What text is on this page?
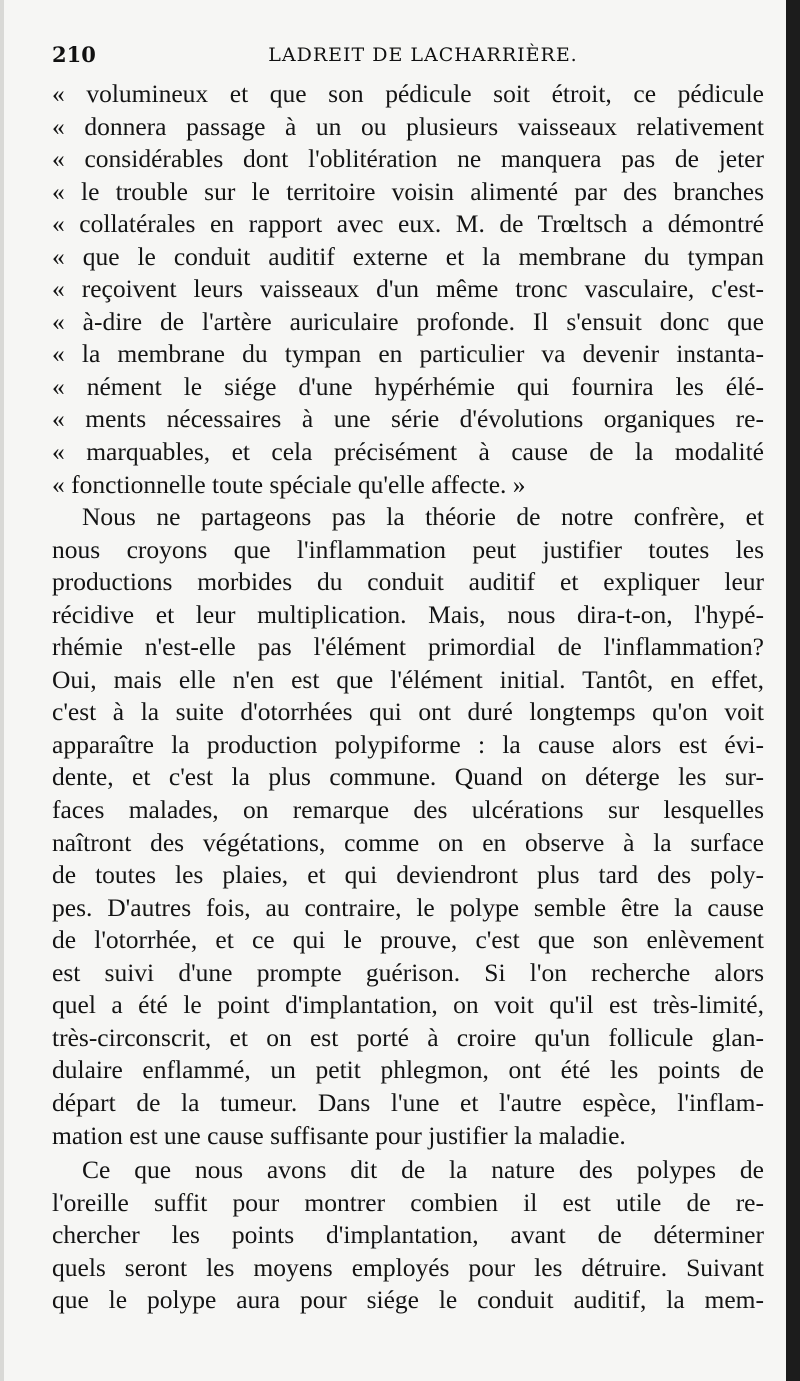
210	LADREIT DE LACHARRIÈRE.
« volumineux et que son pédicule soit étroit, ce pédicule
« donnera passage à un ou plusieurs vaisseaux relativement
« considérables dont l'oblitération ne manquera pas de jeter
« le trouble sur le territoire voisin alimenté par des branches
« collatérales en rapport avec eux. M. de Trœltsch a démontré
« que le conduit auditif externe et la membrane du tympan
« reçoivent leurs vaisseaux d'un même tronc vasculaire, c'est-
« à-dire de l'artère auriculaire profonde. Il s'ensuit donc que
« la membrane du tympan en particulier va devenir instanta-
« nément le siége d'une hypérhémie qui fournira les élé-
« ments nécessaires à une série d'évolutions organiques re-
« marquables, et cela précisément à cause de la modalité
« fonctionnelle toute spéciale qu'elle affecte. »
Nous ne partageons pas la théorie de notre confrère, et
nous croyons que l'inflammation peut justifier toutes les
productions morbides du conduit auditif et expliquer leur
récidive et leur multiplication. Mais, nous dira-t-on, l'hypé-
rhémie n'est-elle pas l'élément primordial de l'inflammation?
Oui, mais elle n'en est que l'élément initial. Tantôt, en effet,
c'est à la suite d'otorrhées qui ont duré longtemps qu'on voit
apparaître la production polypiforme : la cause alors est évi-
dente, et c'est la plus commune. Quand on déterge les sur-
faces malades, on remarque des ulcérations sur lesquelles
naîtront des végétations, comme on en observe à la surface
de toutes les plaies, et qui deviendront plus tard des poly-
pes. D'autres fois, au contraire, le polype semble être la cause
de l'otorrhée, et ce qui le prouve, c'est que son enlèvement
est suivi d'une prompte guérison. Si l'on recherche alors
quel a été le point d'implantation, on voit qu'il est très-limité,
très-circonscrit, et on est porté à croire qu'un follicule glan-
dulaire enflammé, un petit phlegmon, ont été les points de
départ de la tumeur. Dans l'une et l'autre espèce, l'inflam-
mation est une cause suffisante pour justifier la maladie.
Ce que nous avons dit de la nature des polypes de
l'oreille suffit pour montrer combien il est utile de re-
chercher les points d'implantation, avant de déterminer
quels seront les moyens employés pour les détruire. Suivant
que le polype aura pour siége le conduit auditif, la mem-
